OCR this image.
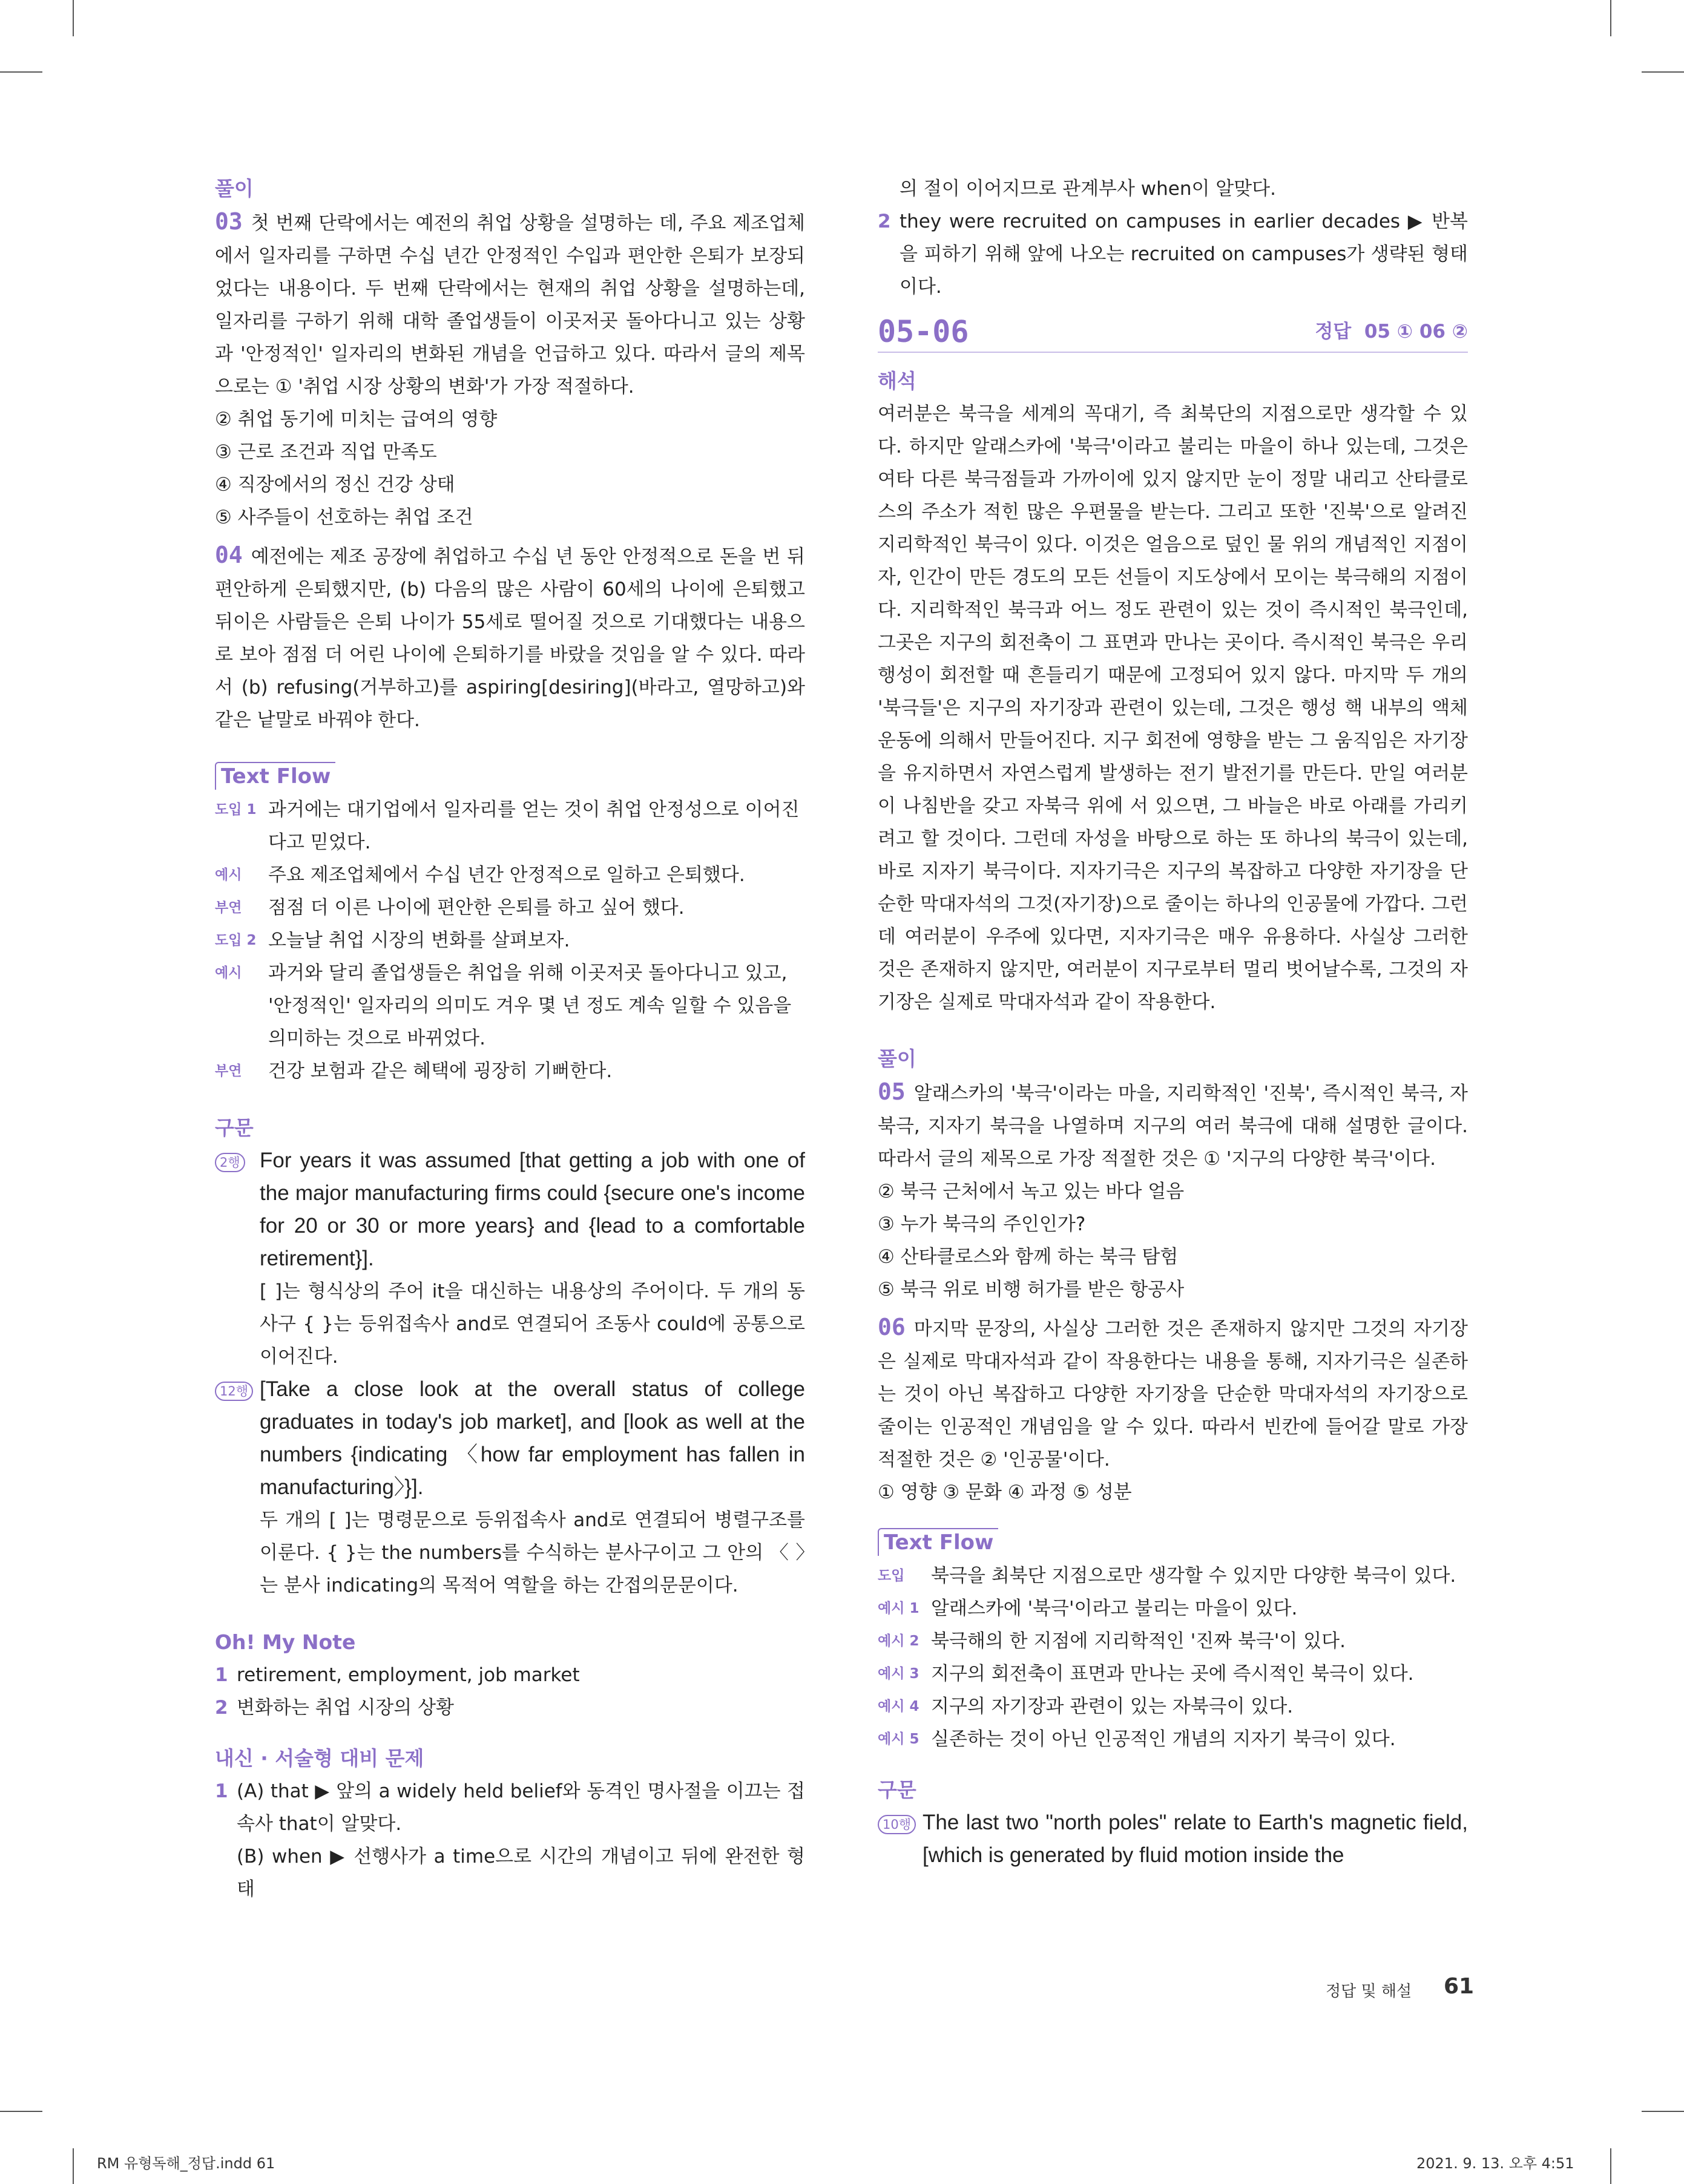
풀이

03 첫 번째 단락에서는 예전의 취업 상황을 설명하는 데, 주요 제조업체에서 일자리를 구하면 수십 년간 안정적인 수입과 편안한 은퇴가 보장되었다는 내용이다. 두 번째 단락에서는 현재의 취업 상황을 설명하는데, 일자리를 구하기 위해 대학 졸업생들이 이곳저곳 돌아다니고 있는 상황과 '안정적인' 일자리의 변화된 개념을 언급하고 있다. 따라서 글의 제목으로는 ① '취업 시장 상황의 변화'가 가장 적절하다.

② 취업 동기에 미치는 급여의 영향

③ 근로 조건과 직업 만족도

④ 직장에서의 정신 건강 상태

⑤ 사주들이 선호하는 취업 조건

04 예전에는 제조 공장에 취업하고 수십 년 동안 안정적으로 돈을 번 뒤 편안하게 은퇴했지만, (b) 다음의 많은 사람이 60세의 나이에 은퇴했고 뒤이은 사람들은 은퇴 나이가 55세로 떨어질 것으로 기대했다는 내용으로 보아 점점 더 어린 나이에 은퇴하기를 바랐을 것임을 알 수 있다. 따라서 (b) refusing(거부하고)를 aspiring[desiring](바라고, 열망하고)와 같은 낱말로 바꿔야 한다.

Text Flow
도입 1 과거에는 대기업에서 일자리를 얻는 것이 취업 안정성으로 이어진다고 믿었다.
예시	주요 제조업체에서 수십 년간 안정적으로 일하고 은퇴했다.
부연	점점 더 이른 나이에 편안한 은퇴를 하고 싶어 했다.
도입 2 오늘날 취업 시장의 변화를 살펴보자.
예시	과거와 달리 졸업생들은 취업을 위해 이곳저곳 돌아다니고 있고, '안정적인' 일자리의 의미도 겨우 몇 년 정도 계속 일할 수 있음을 의미하는 것으로 바뀌었다.
부연	건강 보험과 같은 혜택에 굉장히 기뻐한다.
구문
2행 For years it was assumed [that getting a job with one of the major manufacturing firms could {secure one's income for 20 or 30 or more years} and {lead to a comfortable retirement}].

[ ]는 형식상의 주어 it을 대신하는 내용상의 주어이다. 두 개의 동사구 { }는 등위접속사 and로 연결되어 조동사 could에 공통으로 이어진다.

12행 [Take a close look at the overall status of college graduates in today's job market], and [look as well at the numbers {indicating 〈how far employment has fallen in manufacturing〉}].

두 개의 [ ]는 명령문으로 등위접속사 and로 연결되어 병렬구조를 이룬다. { }는 the numbers를 수식하는 분사구이고 그 안의 〈 〉는 분사 indicating의 목적어 역할을 하는 간접의문문이다.

Oh! My Note
1 retirement, employment, job market
2 변화하는 취업 시장의 상황
내신 · 서술형 대비 문제
1 (A) that ▶ 앞의 a widely held belief와 동격인 명사절을 이끄는 접속사 that이 알맞다.

(B) when ▶ 선행사가 a time으로 시간의 개념이고 뒤에 완전한 형태

의 절이 이어지므로 관계부사 when이 알맞다.

2 they were recruited on campuses in earlier decades ▶ 반복을 피하기 위해 앞에 나오는 recruited on campuses가 생략된 형태이다.

05-06	정답 05 ① 06 ②
해석

여러분은 북극을 세계의 꼭대기, 즉 최북단의 지점으로만 생각할 수 있다. 하지만 알래스카에 '북극'이라고 불리는 마을이 하나 있는데, 그것은 여타 다른 북극점들과 가까이에 있지 않지만 눈이 정말 내리고 산타클로스의 주소가 적힌 많은 우편물을 받는다. 그리고 또한 '진북'으로 알려진 지리학적인 북극이 있다. 이것은 얼음으로 덮인 물 위의 개념적인 지점이자, 인간이 만든 경도의 모든 선들이 지도상에서 모이는 북극해의 지점이다. 지리학적인 북극과 어느 정도 관련이 있는 것이 즉시적인 북극인데, 그곳은 지구의 회전축이 그 표면과 만나는 곳이다. 즉시적인 북극은 우리 행성이 회전할 때 흔들리기 때문에 고정되어 있지 않다. 마지막 두 개의 '북극들'은 지구의 자기장과 관련이 있는데, 그것은 행성 핵 내부의 액체 운동에 의해서 만들어진다. 지구 회전에 영향을 받는 그 움직임은 자기장을 유지하면서 자연스럽게 발생하는 전기 발전기를 만든다. 만일 여러분이 나침반을 갖고 자북극 위에 서 있으면, 그 바늘은 바로 아래를 가리키려고 할 것이다. 그런데 자성을 바탕으로 하는 또 하나의 북극이 있는데, 바로 지자기 북극이다. 지자기극은 지구의 복잡하고 다양한 자기장을 단순한 막대자석의 그것(자기장)으로 줄이는 하나의 인공물에 가깝다. 그런데 여러분이 우주에 있다면, 지자기극은 매우 유용하다. 사실상 그러한 것은 존재하지 않지만, 여러분이 지구로부터 멀리 벗어날수록, 그것의 자기장은 실제로 막대자석과 같이 작용한다.

풀이

05 알래스카의 '북극'이라는 마을, 지리학적인 '진북', 즉시적인 북극, 자북극, 지자기 북극을 나열하며 지구의 여러 북극에 대해 설명한 글이다. 따라서 글의 제목으로 가장 적절한 것은 ① '지구의 다양한 북극'이다.

② 북극 근처에서 녹고 있는 바다 얼음

③ 누가 북극의 주인인가?

④ 산타클로스와 함께 하는 북극 탐험

⑤ 북극 위로 비행 허가를 받은 항공사

06 마지막 문장의, 사실상 그러한 것은 존재하지 않지만 그것의 자기장은 실제로 막대자석과 같이 작용한다는 내용을 통해, 지자기극은 실존하는 것이 아닌 복잡하고 다양한 자기장을 단순한 막대자석의 자기장으로 줄이는 인공적인 개념임을 알 수 있다. 따라서 빈칸에 들어갈 말로 가장 적절한 것은 ② '인공물'이다.

① 영향 ③ 문화 ④ 과정 ⑤ 성분

Text Flow
도입	북극을 최북단 지점으로만 생각할 수 있지만 다양한 북극이 있다.
예시 1 알래스카에 '북극'이라고 불리는 마을이 있다.
예시 2 북극해의 한 지점에 지리학적인 '진짜 북극'이 있다.
예시 3 지구의 회전축이 표면과 만나는 곳에 즉시적인 북극이 있다.
예시 4 지구의 자기장과 관련이 있는 자북극이 있다.
예시 5 실존하는 것이 아닌 인공적인 개념의 지자기 북극이 있다.
구문
10행 The last two "north poles" relate to Earth's magnetic field, [which is generated by fluid motion inside the

정답 및 해설 61
RM 유형독해_정답.indd 61	2021. 9. 13. 오후 4:51
